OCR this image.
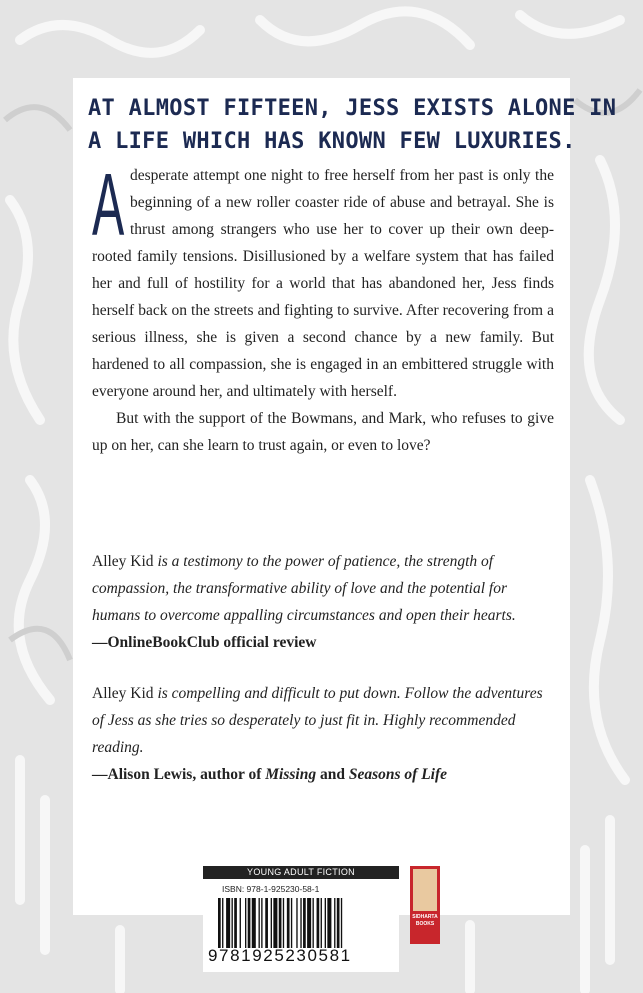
AT ALMOST FIFTEEN, JESS EXISTS ALONE IN
A LIFE WHICH HAS KNOWN FEW LUXURIES.

Adesperate attempt one night to free herself from her past is only the beginning of a new roller coaster ride of abuse and betrayal. She is thrust among strangers who use her to cover up their own deep-rooted family tensions. Disillusioned by a welfare system that has failed her and full of hostility for a world that has abandoned her, Jess finds herself back on the streets and fighting to survive. After recovering from a serious illness, she is given a second chance by a new family. But hardened to all compassion, she is engaged in an embittered struggle with everyone around her, and ultimately with herself.

But with the support of the Bowmans, and Mark, who refuses to give up on her, can she learn to trust again, or even to love?

Alley Kid is a testimony to the power of patience, the strength of compassion, the transformative ability of love and the potential for humans to overcome appalling circumstances and open their hearts.
—OnlineBookClub official review
Alley Kid is compelling and difficult to put down. Follow the adventures of Jess as she tries so desperately to just fit in. Highly recommended reading.
—Alison Lewis, author of Missing and Seasons of Life
YOUNG ADULT FICTION
ISBN: 978-1-925230-58-1
9781925230581
SIDHARTA
BOOKS
